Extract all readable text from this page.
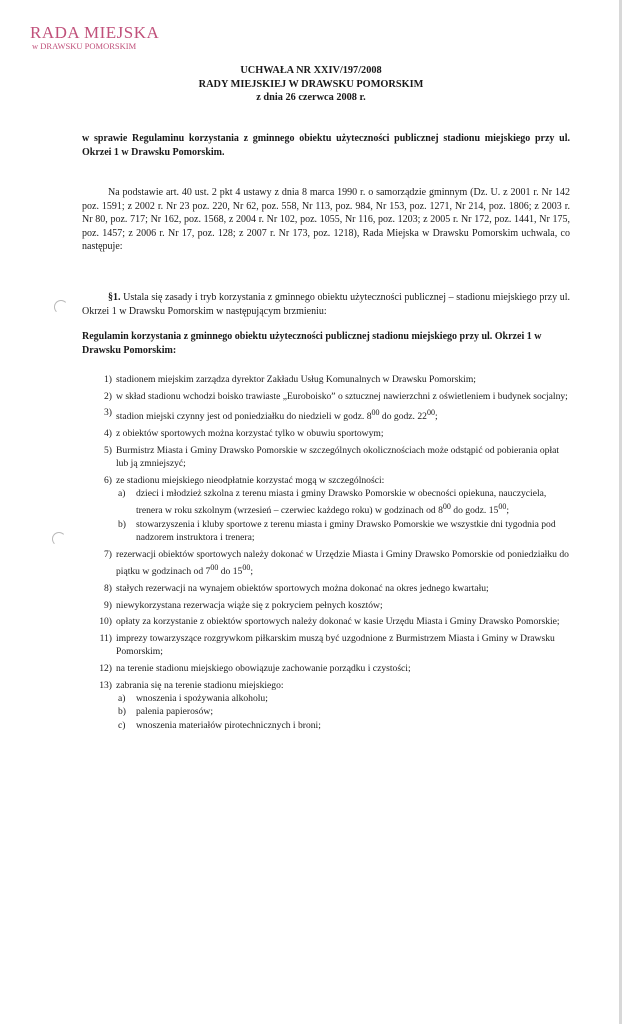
RADA MIEJSKA
w DRAWSKU POMORSKIM
UCHWAŁA NR XXIV/197/2008
RADY MIEJSKIEJ W DRAWSKU POMORSKIM
z dnia 26 czerwca 2008 r.
w sprawie Regulaminu korzystania z gminnego obiektu użyteczności publicznej stadionu miejskiego przy ul. Okrzei 1 w Drawsku Pomorskim.
Na podstawie art. 40 ust. 2 pkt 4 ustawy z dnia 8 marca 1990 r. o samorządzie gminnym (Dz. U. z 2001 r. Nr 142 poz. 1591; z 2002 r. Nr 23 poz. 220, Nr 62, poz. 558, Nr 113, poz. 984, Nr 153, poz. 1271, Nr 214, poz. 1806; z 2003 r. Nr 80, poz. 717; Nr 162, poz. 1568, z 2004 r. Nr 102, poz. 1055, Nr 116, poz. 1203; z 2005 r. Nr 172, poz. 1441, Nr 175, poz. 1457; z 2006 r. Nr 17, poz. 128; z 2007 r. Nr 173, poz. 1218), Rada Miejska w Drawsku Pomorskim uchwala, co następuje:
§1. Ustala się zasady i tryb korzystania z gminnego obiektu użyteczności publicznej – stadionu miejskiego przy ul. Okrzei 1 w Drawsku Pomorskim w następującym brzmieniu:
Regulamin korzystania z gminnego obiektu użyteczności publicznej stadionu miejskiego przy ul. Okrzei 1 w Drawsku Pomorskim:
1) stadionem miejskim zarządza dyrektor Zakładu Usług Komunalnych w Drawsku Pomorskim;
2) w skład stadionu wchodzi boisko trawiaste „Euroboisko” o sztucznej nawierzchni z oświetleniem i budynek socjalny;
3) stadion miejski czynny jest od poniedziałku do niedzieli w godz. $8^{00}$ do godz. $22^{00}$;
4) z obiektów sportowych można korzystać tylko w obuwiu sportowym;
5) Burmistrz Miasta i Gminy Drawsko Pomorskie w szczególnych okolicznościach może odstąpić od pobierania opłat lub ją zmniejszyć;
6) ze stadionu miejskiego nieodpłatnie korzystać mogą w szczególności:
a) dzieci i młodzież szkolna z terenu miasta i gminy Drawsko Pomorskie w obecności opiekuna, nauczyciela, trenera w roku szkolnym (wrzesień – czerwiec każdego roku) w godzinach od $8^{00}$ do godz. $15^{00}$;
b) stowarzyszenia i kluby sportowe z terenu miasta i gminy Drawsko Pomorskie we wszystkie dni tygodnia pod nadzorem instruktora i trenera;
7) rezerwacji obiektów sportowych należy dokonać w Urzędzie Miasta i Gminy Drawsko Pomorskie od poniedziałku do piątku w godzinach od $7^{00}$ do $15^{00}$;
8) stałych rezerwacji na wynajem obiektów sportowych można dokonać na okres jednego kwartału;
9) niewykorzystana rezerwacja wiąże się z pokryciem pełnych kosztów;
10) opłaty za korzystanie z obiektów sportowych należy dokonać w kasie Urzędu Miasta i Gminy Drawsko Pomorskie;
11) imprezy towarzyszące rozgrywkom piłkarskim muszą być uzgodnione z Burmistrzem Miasta i Gminy w Drawsku Pomorskim;
12) na terenie stadionu miejskiego obowiązuje zachowanie porządku i czystości;
13) zabrania się na terenie stadionu miejskiego:
a) wnoszenia i spożywania alkoholu;
b) palenia papierosów;
c) wnoszenia materiałów pirotechnicznych i broni;
